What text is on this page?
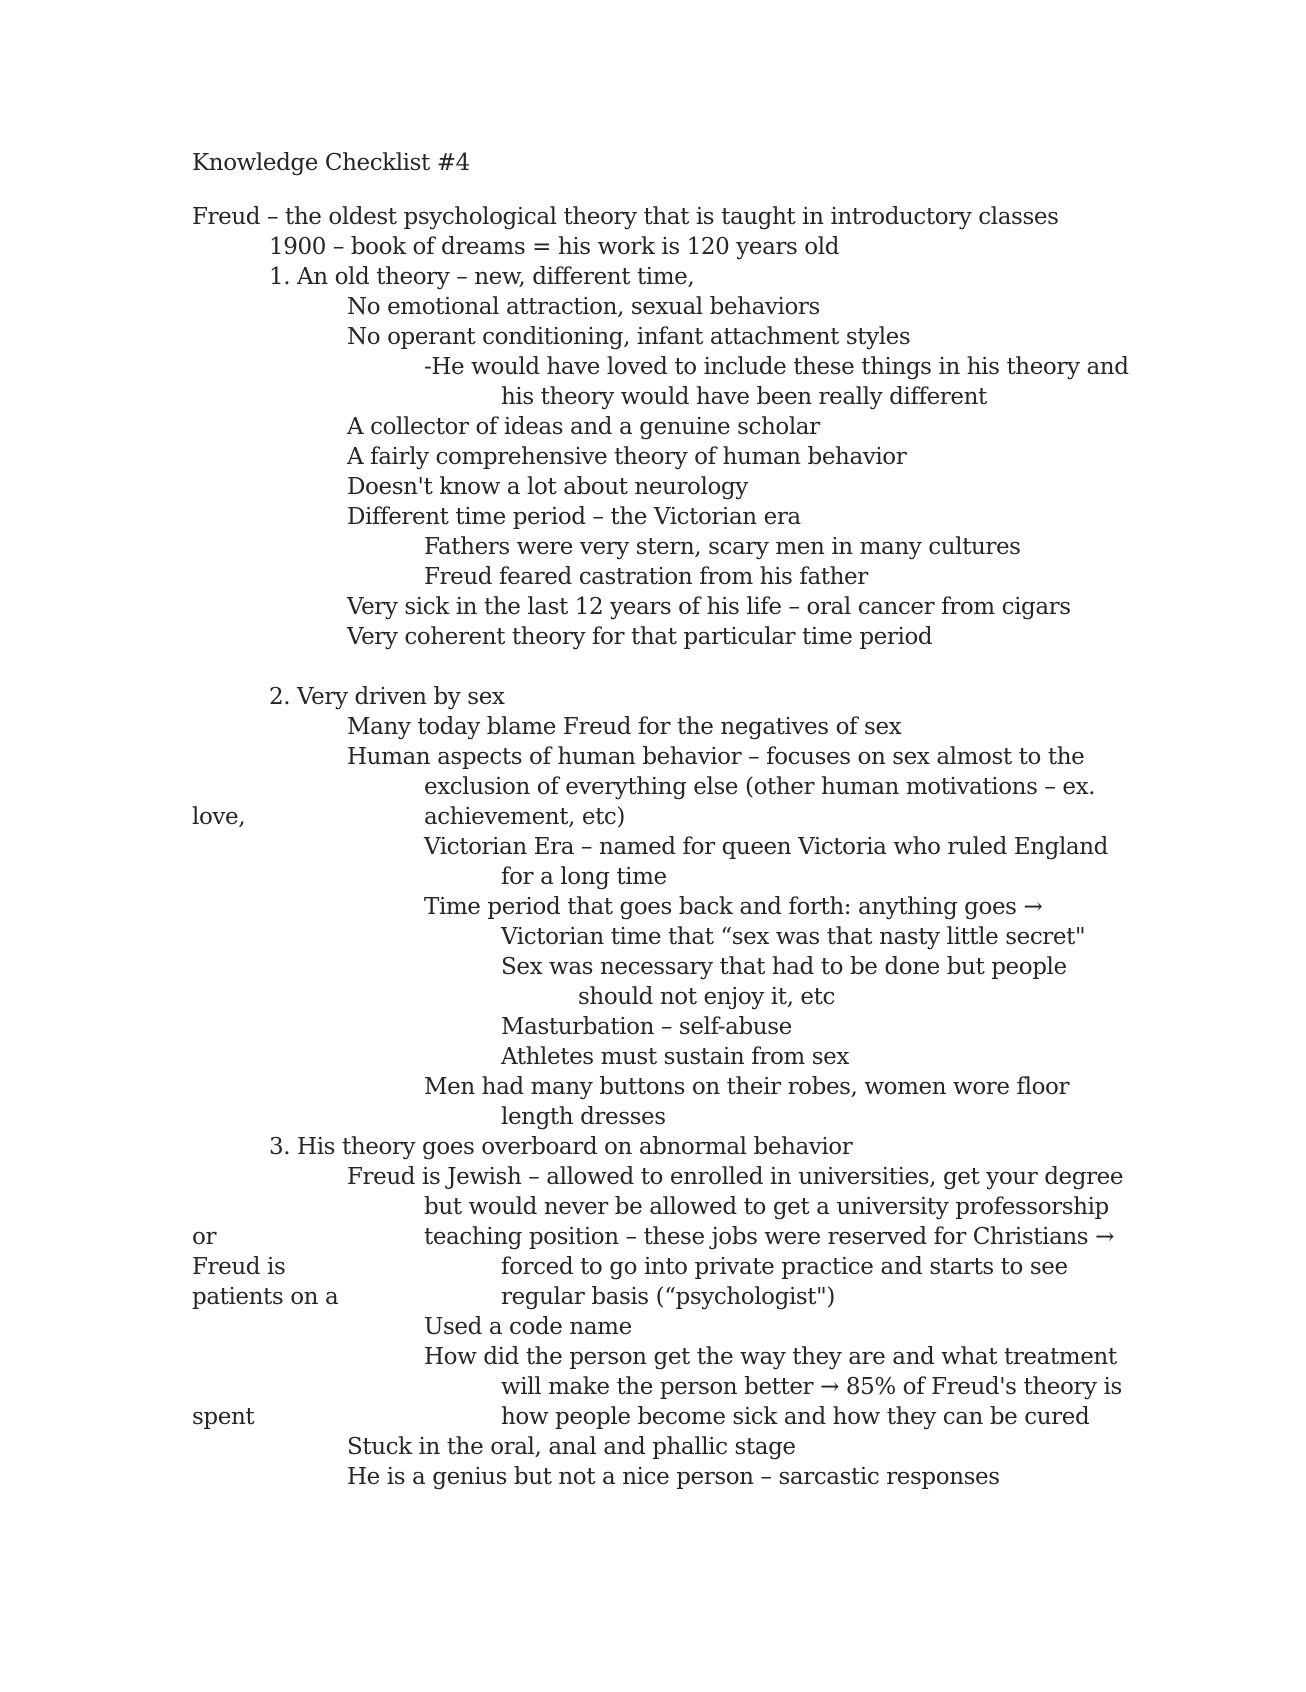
Knowledge Checklist #4
Freud – the oldest psychological theory that is taught in introductory classes
1900 – book of dreams = his work is 120 years old
1. An old theory – new, different time,
No emotional attraction, sexual behaviors
No operant conditioning, infant attachment styles
-He would have loved to include these things in his theory and
his theory would have been really different
A collector of ideas and a genuine scholar
A fairly comprehensive theory of human behavior
Doesn't know a lot about neurology
Different time period – the Victorian era
Fathers were very stern, scary men in many cultures
Freud feared castration from his father
Very sick in the last 12 years of his life – oral cancer from cigars
Very coherent theory for that particular time period
2. Very driven by sex
Many today blame Freud for the negatives of sex
Human aspects of human behavior – focuses on sex almost to the
exclusion of everything else (other human motivations – ex.
love,	achievement, etc)
Victorian Era – named for queen Victoria who ruled England
for a long time
Time period that goes back and forth: anything goes →
Victorian time that “sex was that nasty little secret"
Sex was necessary that had to be done but people
should not enjoy it, etc
Masturbation – self-abuse
Athletes must sustain from sex
Men had many buttons on their robes, women wore floor
length dresses
3. His theory goes overboard on abnormal behavior
Freud is Jewish – allowed to enrolled in universities, get your degree
but would never be allowed to get a university professorship
or	teaching position – these jobs were reserved for Christians →
Freud is	forced to go into private practice and starts to see
patients on a	regular basis (“psychologist")
Used a code name
How did the person get the way they are and what treatment
will make the person better → 85% of Freud's theory is
spent	how people become sick and how they can be cured
Stuck in the oral, anal and phallic stage
He is a genius but not a nice person – sarcastic responses
